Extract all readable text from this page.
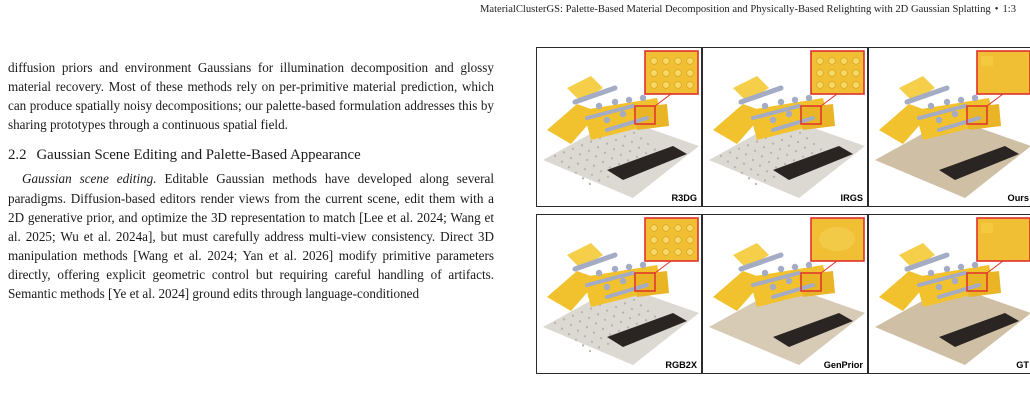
MaterialClusterGS: Palette-Based Material Decomposition and Physically-Based Relighting with 2D Gaussian Splatting • 1:3

diffusion priors and environment Gaussians for illumination decomposition and glossy material recovery. Most of these methods rely on per-primitive material prediction, which can produce spatially noisy decompositions; our palette-based formulation addresses this by sharing prototypes through a continuous spatial field.

2.2 Gaussian Scene Editing and Palette-Based Appearance

Gaussian scene editing. Editable Gaussian methods have developed along several paradigms. Diffusion-based editors render views from the current scene, edit them with a 2D generative prior, and optimize the 3D representation to match [Lee et al. 2024; Wang et al. 2025; Wu et al. 2024a], but must carefully address multi-view consistency. Direct 3D manipulation methods [Wang et al. 2024; Yan et al. 2026] modify primitive parameters directly, offering explicit geometric control but requiring careful handling of artifacts. Semantic methods [Ye et al. 2024] ground edits through language-conditioned

R3DG	IRGS	Ours
RGB2X	GenPrior	GT
